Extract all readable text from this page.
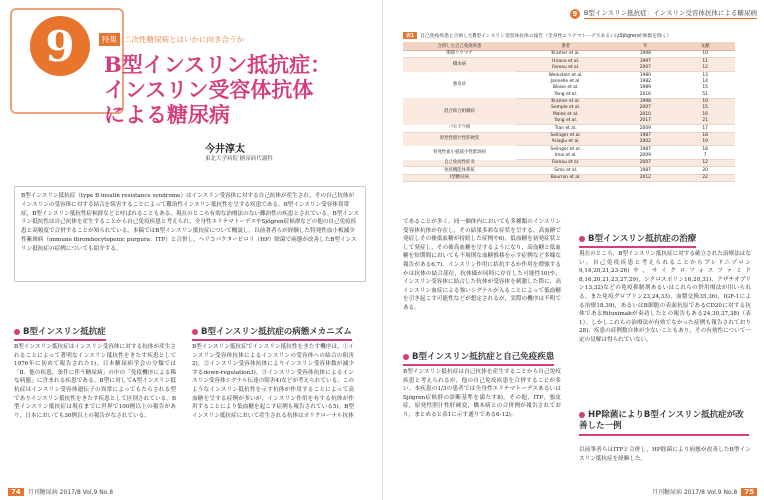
9	特集 二次性糖尿病とはいかに向き合うか
B型インスリン抵抗症：
インスリン受容体抗体
による糖尿病
今井淳太
東北大学病院 糖尿病代謝科
B型インスリン抵抗症（type B insulin resistance syndrome）はインスリン受容体に対する自己抗体が産生され，その自己抗体がインスリンの受容体に対する結合を阻害することによって難治性インスリン抵抗性を呈する疾患である。B型インスリン受容体異常症，B型インスリン抵抗性症候群などと呼ばれることもある。現在のところ有効な治療法のない難治性の疾患とされている。B型インスリン抵抗性は自己抗体を産生することから自己免疫疾患と考えられ，全身性エリテマトーデスやSjögren症候群などの他の自己免疫疾患と高頻度で合併することが知られている。本稿ではB型インスリン抵抗症について概説し，以前著者らが経験した特発性血小板減少性紫斑病（immune thrombocytopenic purpura：ITP）と合併し，ヘリコバクターピロリ（HP）除菌で病態が改善したB型インスリン抵抗症の症例についても紹介する。
B型インスリン抵抗症
B型インスリン抵抗症はインスリン受容体に対する抗体が産生されることによって著明なインスリン抵抗性をきたす疾患として1976年に初めて報告された1)。日本糖尿病学会の分類では「Ⅱ．他の疾患，条件に伴う糖尿病」の中の「免疫機序による稀な病態」に含まれる疾患である。B型に対してA型インスリン抵抗症はインスリン受容体遺伝子の異常によってもたらされる型でありインスリン抵抗性をきたす疾患として区別されている。B型インスリン抵抗症は現在までに世界で100例以上の報告があり，日本においても30例以上の報告がなされている。
B型インスリン抵抗症の病態メカニズム
B型インスリン抵抗症でインスリン抵抗性をきたす機序は，①インスリン受容体抗体によるインスリンの受容体への結合の阻害2)，②インスリン受容体抗体によりインスリン受容体数が減少するdown-regulation3)，③インスリン受容体抗体によるインスリン受容体シグナル伝達の阻害4)などが考えられている。このようなインスリン抵抗性を示す抗体が作用することによって高血糖を呈する症例が多いが，インスリン作用を有する抗体が作用することにより低血糖を起こす症例も報告されている5)。B型インスリン抵抗症において産生される抗体はポリクローナル抗体
74	月刊糖尿病 2017/8 Vol.9 No.8
9	B型インスリン抵抗症：インスリン受容体抗体による糖尿病
表1	自己免疫疾患と合併したB型インスリン受容体抗体の報告（全身性エリテマトーデスあるいはSjögren症候群を除く）
合併した自己免疫疾患	著者	年	文献
関節リウマチ	Kramer et al.	1998	10
橋本病	Hirano et al.	1997	11
	Fareau et al.	2007	12
強皮症	Weinstein et al.	1980	13
	Jannelle et al.	1982	14
	Bloise et al.	1989	15
	Yang et al.	2016	51
混合結合組織病	Kramer et al.	1998	10
	Semple et al.	2007	15
	Malek et al.	2010	16
	Yang et al.	2017	21
パセドウ病	Tran et al.	2009	17
原発性胆汁性肝硬変	Selinger et al.	1987	18
	Arioglu et al.	2002	19
特発性血小板減少性紫斑病	Selinger et al.	1987	18
	Imai et al.	2009	7
自己免疫性肝炎	Fareau et al.	2007	12
免疫機能体系統	Sims et al.	1987	20
I型糖尿病	Bourron et al.	2012	22
であることが多く，同一個体内においても多種類のインスリン受容体抗体が存在し，その結果多彩な症状を呈する。高血糖で発症しその後低血糖が持続した症例や6)，低血糖を初発症状として発症し，その後高血糖を呈するようになり，高血糖と低血糖を短期間においても不規則な血糖推移を示す症例など多様な報告がある6,7)。インスリン作用に拮抗するか作用を増強するかは抗体の結合部位，抗体価が同時に存在した可能性10)や，インスリン受容体に結合した抗体が受容体を刺激した際に，高インスリン血症による強いシグナルが入ることによって低血糖を引き起こす可能性などが想定されるが，実際の機序は不明である。
B型インスリン抵抗症と自己免疫疾患
B型インスリン抵抗症は自己抗体を産生することから自己免疫疾患と考えられるが，他の自己免疫疾患を合併することが多い。本疾患の1/3の患者では全身性エリテマトーデスあるいはSjögren症候群の診断基準を満たす8)。その他，ITP，強皮症，原発性胆汁性肝硬変，橋本病との合併例が報告されており，まとめると表1に示す通りである6-12)。
B型インスリン抵抗症の治療
現在のところ，B型インスリン抵抗症に対する確立された治療法はない。自己免疫疾患と考えられることからプレドニゾロン9,14,20,21,23-26)や，サイクロフォスファミド8,16,20,21,23,27,29)，シクロスポリン16,20,31)，アザチオプリン13,32)などの免疫抑制剤あるいはこれらの併用療法が用いられる。また免疫グロブリン23,24,33)，血漿交換35,36)，IGF-1による治療18,39)，あるいはB細胞の表面抗原であるCD20に対する抗体であるRituximabが奏功したとの報告もある24,30,37,38)（表1）。しかしこれらの治療法が有効でなかった症例も報告されており28)，疾患の症例数自体が少ないこともあり，その有効性について一定の見解は得られていない。
HP除菌によりB型インスリン抵抗症が改善した一例
以前筆者らはITPと合併し，HP除菌により病態が改善したB型インスリン抵抗症を経験した。
月刊糖尿病 2017/8 Vol.9 No.8	75
